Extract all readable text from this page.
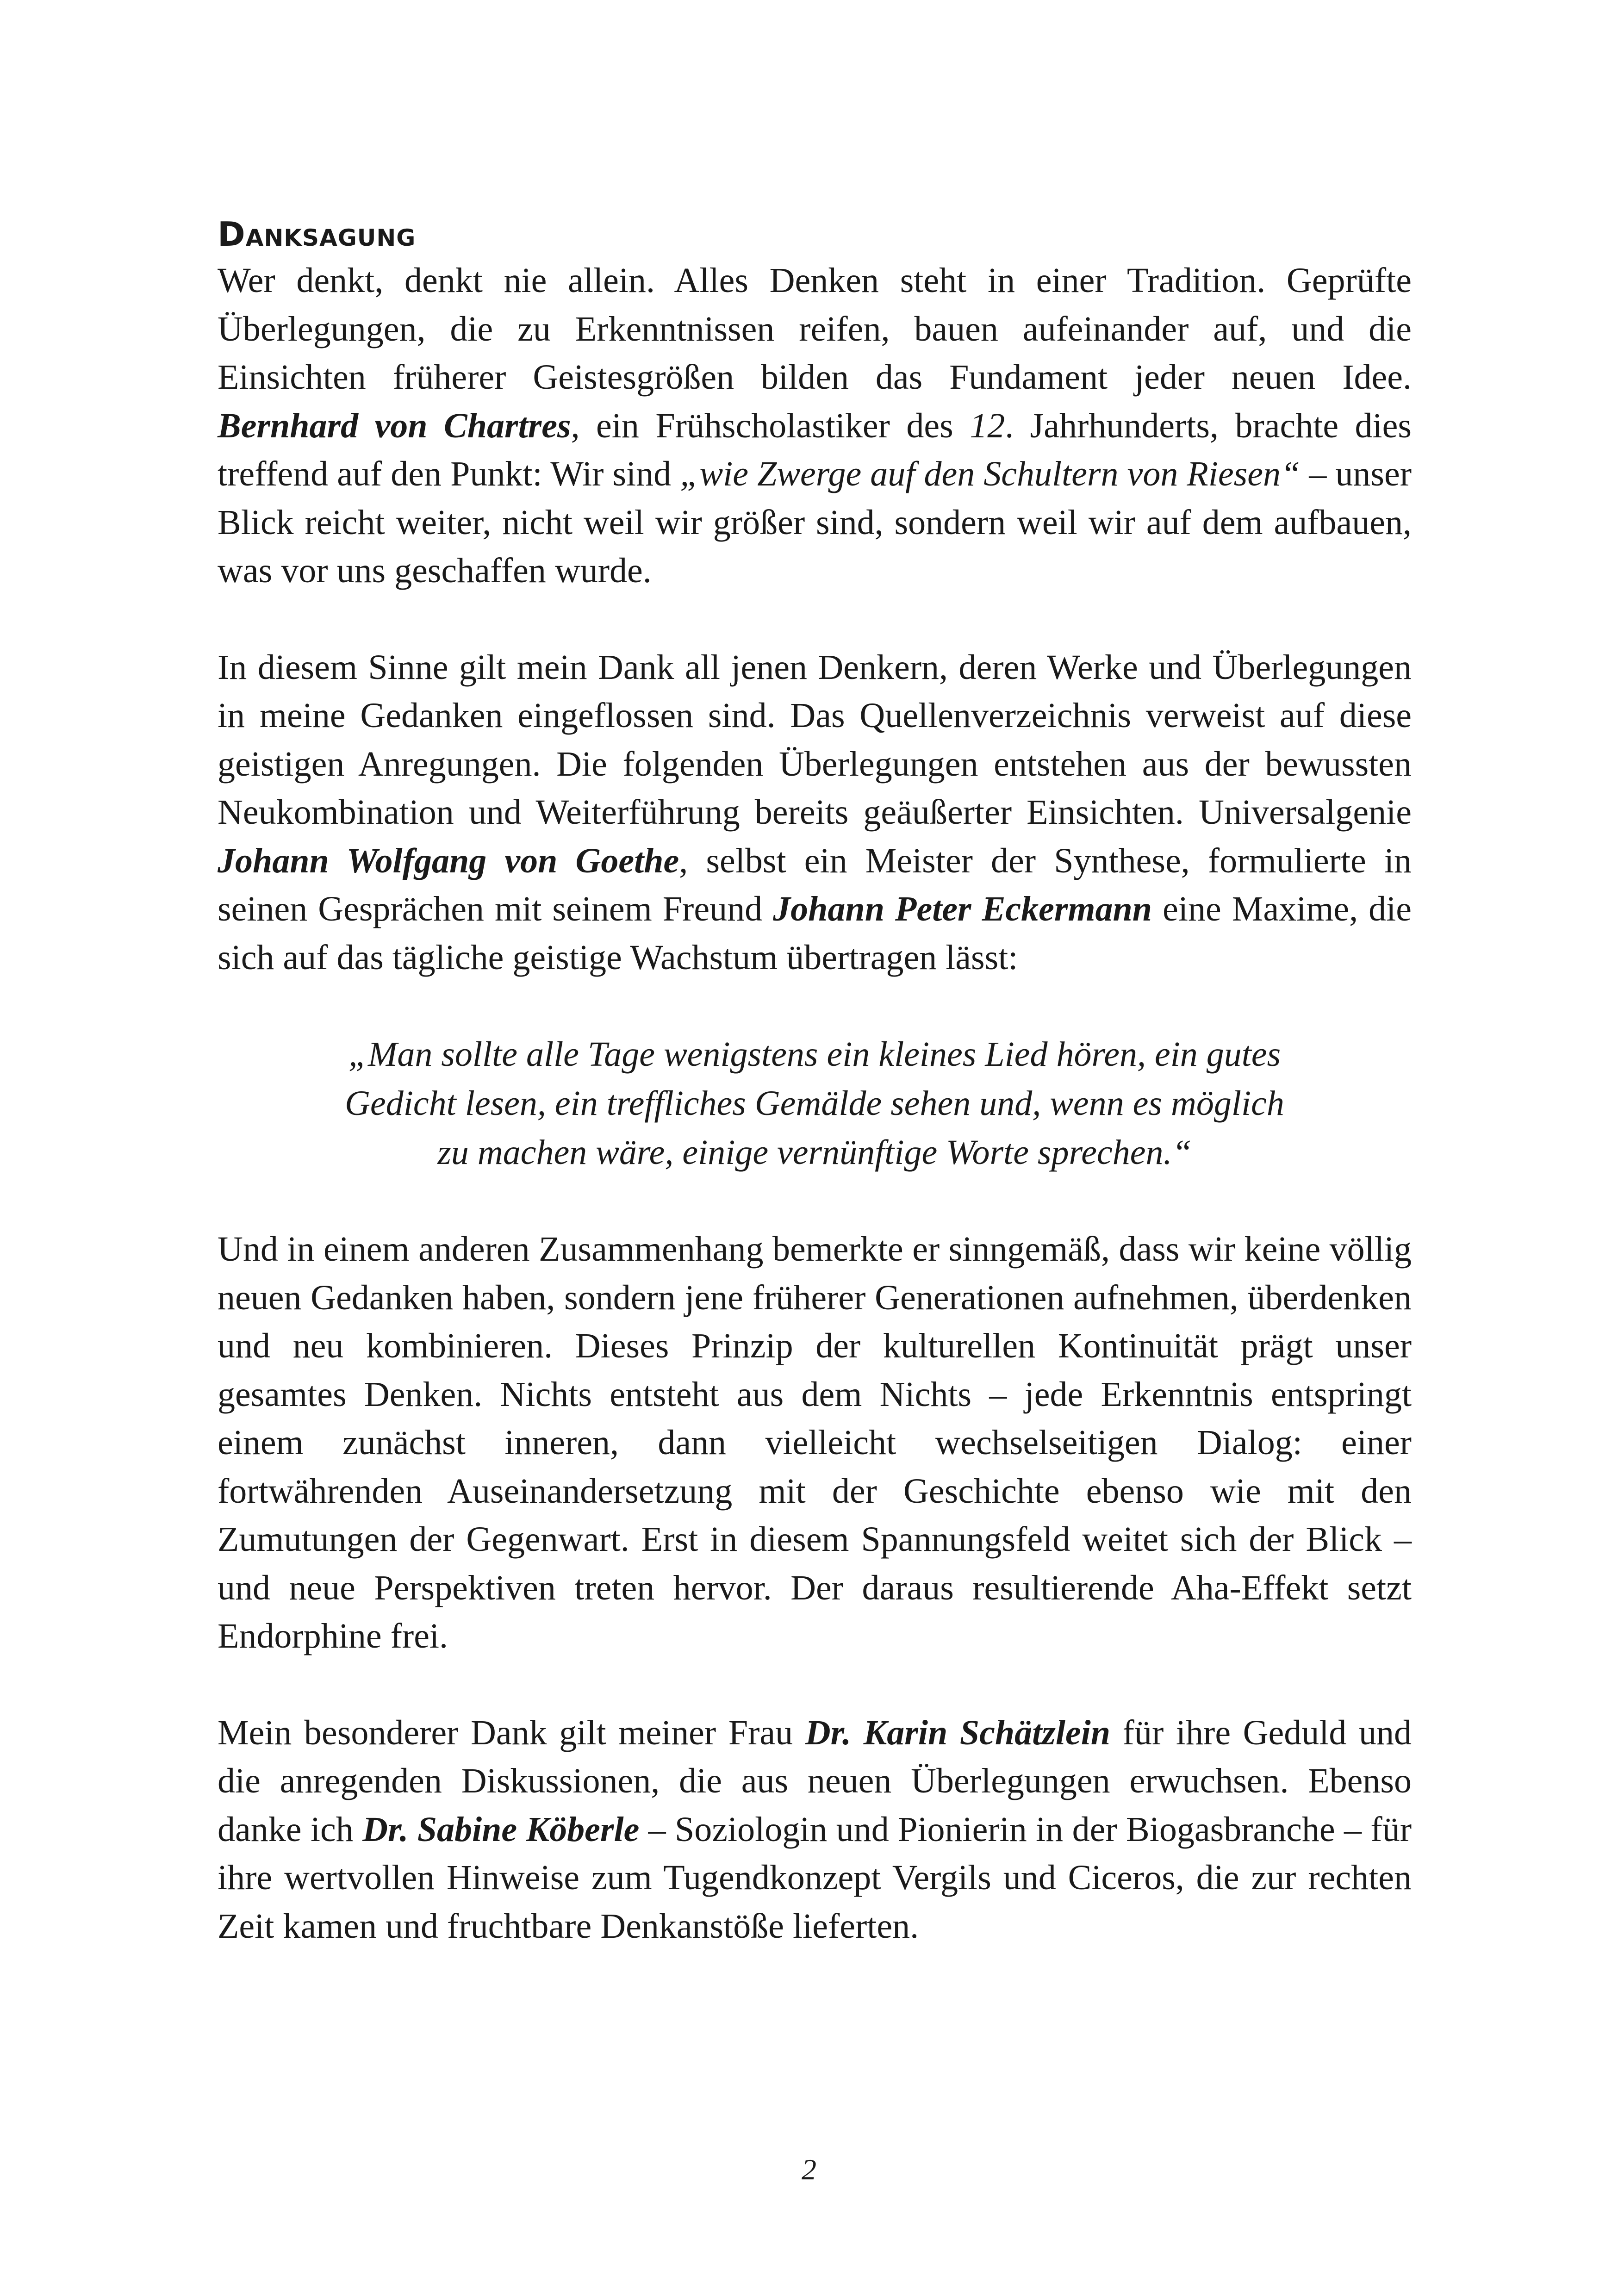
Danksagung

Wer denkt, denkt nie allein. Alles Denken steht in einer Tradition. Geprüfte Überlegungen, die zu Erkenntnissen reifen, bauen aufeinander auf, und die Einsichten früherer Geistesgrößen bilden das Fundament jeder neuen Idee. Bernhard von Chartres, ein Frühscholastiker des 12. Jahrhunderts, brachte dies treffend auf den Punkt: Wir sind „wie Zwerge auf den Schultern von Riesen“ – unser Blick reicht weiter, nicht weil wir größer sind, sondern weil wir auf dem aufbauen, was vor uns geschaffen wurde.

In diesem Sinne gilt mein Dank all jenen Denkern, deren Werke und Überlegungen in meine Gedanken eingeflossen sind. Das Quellenverzeichnis verweist auf diese geistigen Anregungen. Die folgenden Überlegungen entstehen aus der bewussten Neukombination und Weiterführung bereits geäußerter Einsichten. Universalgenie Johann Wolfgang von Goethe, selbst ein Meister der Synthese, formulierte in seinen Gesprächen mit seinem Freund Johann Peter Eckermann eine Maxime, die sich auf das tägliche geistige Wachstum übertragen lässt:

„Man sollte alle Tage wenigstens ein kleines Lied hören, ein gutes
Gedicht lesen, ein treffliches Gemälde sehen und, wenn es möglich
zu machen wäre, einige vernünftige Worte sprechen.“

Und in einem anderen Zusammenhang bemerkte er sinngemäß, dass wir keine völlig neuen Gedanken haben, sondern jene früherer Generationen aufnehmen, überdenken und neu kombinieren. Dieses Prinzip der kulturellen Kontinuität prägt unser gesamtes Denken. Nichts entsteht aus dem Nichts – jede Erkenntnis entspringt einem zunächst inneren, dann vielleicht wechselseitigen Dialog: einer fortwährenden Auseinandersetzung mit der Geschichte ebenso wie mit den Zumutungen der Gegenwart. Erst in diesem Spannungsfeld weitet sich der Blick – und neue Perspektiven treten hervor. Der daraus resultierende Aha-Effekt setzt Endorphine frei.

Mein besonderer Dank gilt meiner Frau Dr. Karin Schätzlein für ihre Geduld und die anregenden Diskussionen, die aus neuen Überlegungen erwuchsen. Ebenso danke ich Dr. Sabine Köberle – Soziologin und Pionierin in der Biogasbranche – für ihre wertvollen Hinweise zum Tugendkonzept Vergils und Ciceros, die zur rechten Zeit kamen und fruchtbare Denkanstöße lieferten.

2
